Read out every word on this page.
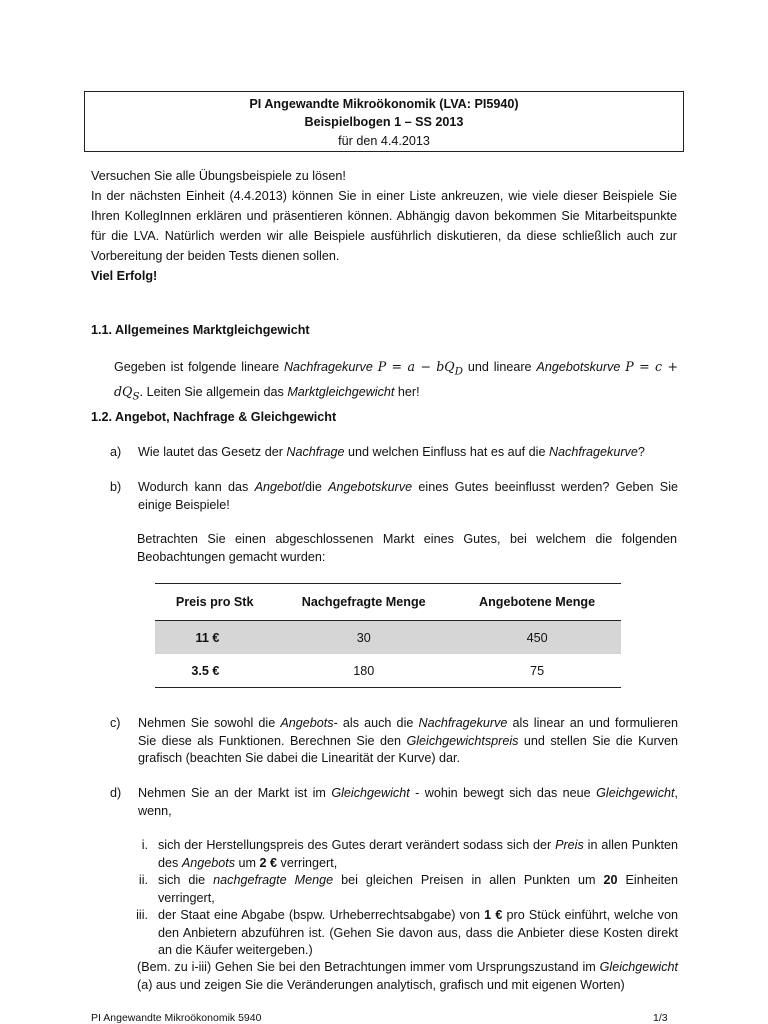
PI Angewandte Mikroökonomik (LVA: PI5940)
Beispielbogen 1 – SS 2013
für den 4.4.2013

Versuchen Sie alle Übungsbeispiele zu lösen!

In der nächsten Einheit (4.4.2013) können Sie in einer Liste ankreuzen, wie viele dieser Beispiele Sie Ihren KollegInnen erklären und präsentieren können. Abhängig davon bekommen Sie Mitarbeitspunkte für die LVA. Natürlich werden wir alle Beispiele ausführlich diskutieren, da diese schließlich auch zur Vorbereitung der beiden Tests dienen sollen.

Viel Erfolg!

1.1. Allgemeines Marktgleichgewicht
Gegeben ist folgende lineare Nachfragekurve $P = a - bQ_D$ und lineare Angebotskurve $P = c + dQ_S$. Leiten Sie allgemein das Marktgleichgewicht her!
1.2. Angebot, Nachfrage & Gleichgewicht
a) Wie lautet das Gesetz der Nachfrage und welchen Einfluss hat es auf die Nachfragekurve?
b) Wodurch kann das Angebot/die Angebotskurve eines Gutes beeinflusst werden? Geben Sie einige Beispiele!
Betrachten Sie einen abgeschlossenen Markt eines Gutes, bei welchem die folgenden Beobachtungen gemacht wurden:
Preis pro Stk	Nachgefragte Menge	Angebotene Menge
11 €	30	450
3.5 €	180	75
c) Nehmen Sie sowohl die Angebots- als auch die Nachfragekurve als linear an und formulieren Sie diese als Funktionen. Berechnen Sie den Gleichgewichtspreis und stellen Sie die Kurven grafisch (beachten Sie dabei die Linearität der Kurve) dar.
d) Nehmen Sie an der Markt ist im Gleichgewicht - wohin bewegt sich das neue Gleichgewicht, wenn,
i. sich der Herstellungspreis des Gutes derart verändert sodass sich der Preis in allen Punkten des Angebots um 2 € verringert,
ii. sich die nachgefragte Menge bei gleichen Preisen in allen Punkten um 20 Einheiten verringert,
iii. der Staat eine Abgabe (bspw. Urheberrechtsabgabe) von 1 € pro Stück einführt, welche von den Anbietern abzuführen ist. (Gehen Sie davon aus, dass die Anbieter diese Kosten direkt an die Käufer weitergeben.)
(Bem. zu i-iii) Gehen Sie bei den Betrachtungen immer vom Ursprungszustand im Gleichgewicht (a) aus und zeigen Sie die Veränderungen analytisch, grafisch und mit eigenen Worten)
PI Angewandte Mikroökonomik 5940	1/3
